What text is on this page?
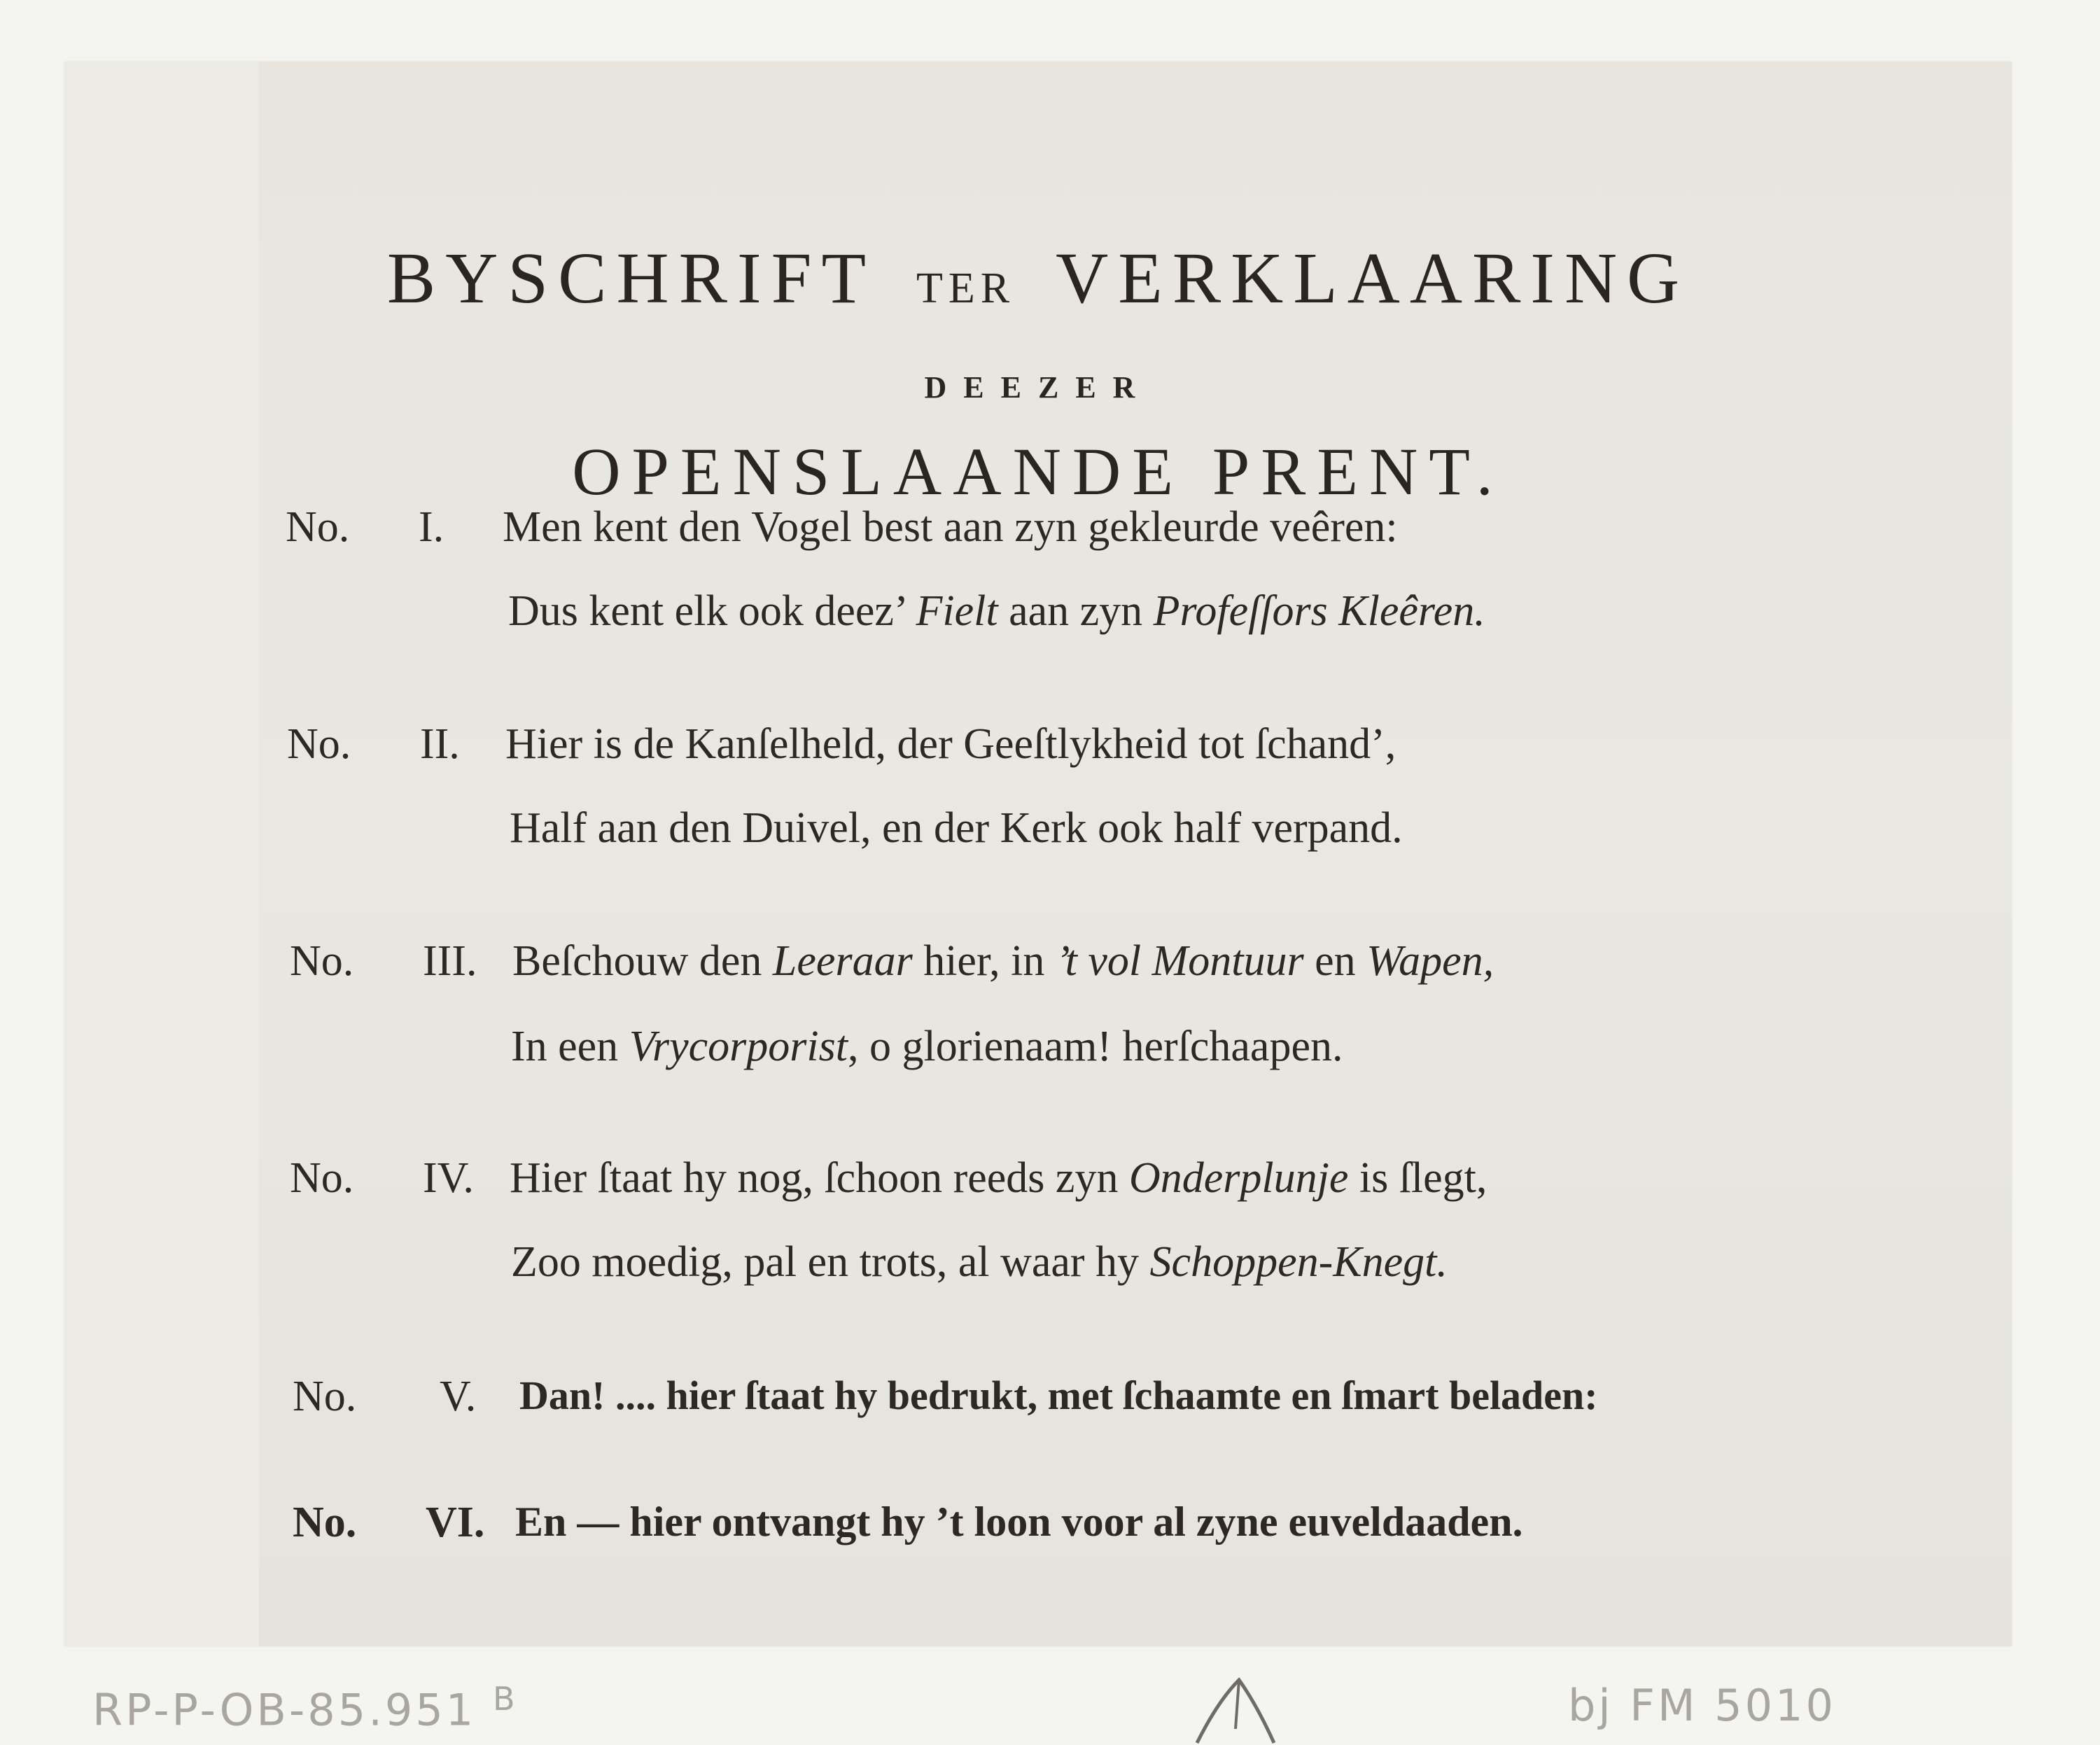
BYSCHRIFT TER VERKLAARING
DEEZER
OPENSLAANDE PRENT.
No. I. Men kent den Vogel best aan zyn gekleurde veêren:
Dus kent elk ook deez’ Fielt aan zyn Profeſſors Kleêren.
No. II. Hier is de Kanſelheld, der Geeſtlykheid tot ſchand’,
Half aan den Duivel, en der Kerk ook half verpand.
No. III. Beſchouw den Leeraar hier, in ’t vol Montuur en Wapen,
In een Vrycorporist, o glorienaam! herſchaapen.
No. IV. Hier ſtaat hy nog, ſchoon reeds zyn Onderplunje is ſlegt,
Zoo moedig, pal en trots, al waar hy Schoppen-Knegt.
No. V. Dan! .... hier ſtaat hy bedrukt, met ſchaamte en ſmart beladen:
No. VI. En — hier ontvangt hy ’t loon voor al zyne euveldaaden.
RP-P-OB-85.951 $^B$	bj FM 5010
